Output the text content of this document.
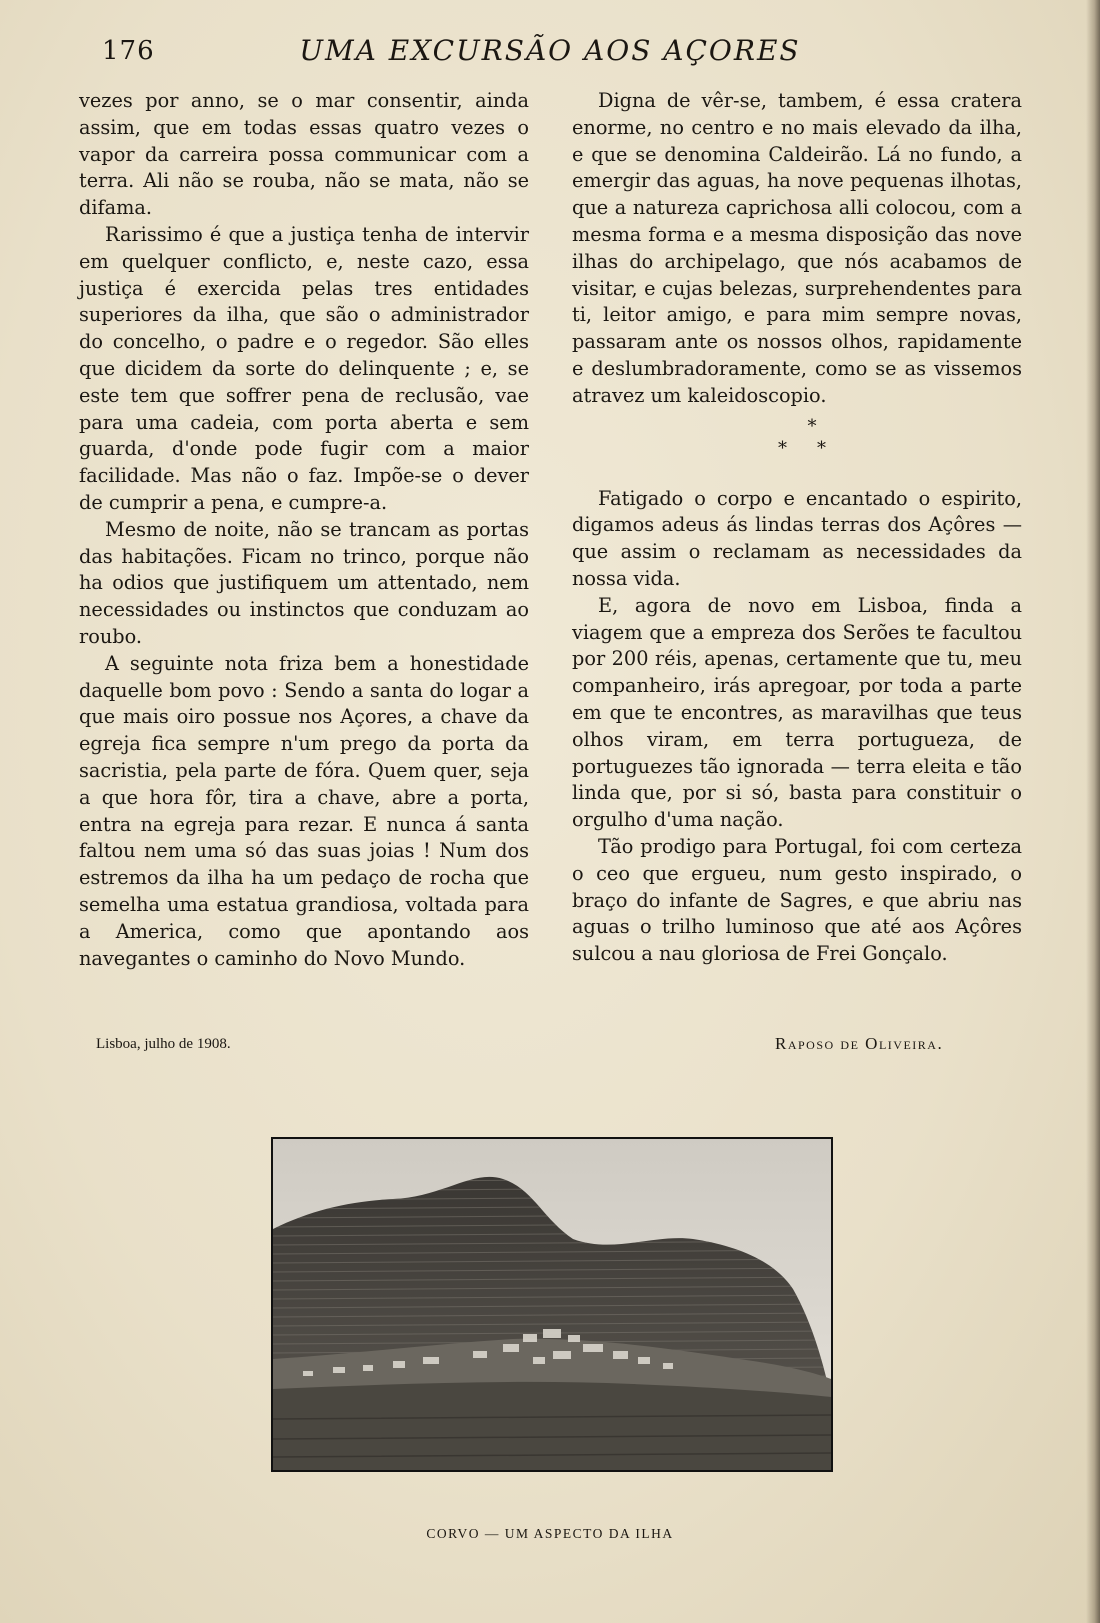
176	UMA EXCURSÃO AOS AÇORES

vezes por anno, se o mar consentir, ainda assim, que em todas essas quatro vezes o vapor da carreira possa communicar com a terra. Ali não se rouba, não se mata, não se difama.

Rarissimo é que a justiça tenha de intervir em quelquer conflicto, e, neste cazo, essa justiça é exercida pelas tres entidades superiores da ilha, que são o administrador do concelho, o padre e o regedor. São elles que dicidem da sorte do delinquente ; e, se este tem que soffrer pena de reclusão, vae para uma cadeia, com porta aberta e sem guarda, d'onde pode fugir com a maior facilidade. Mas não o faz. Impõe-se o dever de cumprir a pena, e cumpre-a.

Mesmo de noite, não se trancam as portas das habitações. Ficam no trinco, porque não ha odios que justifiquem um attentado, nem necessidades ou instinctos que conduzam ao roubo.

A seguinte nota friza bem a honestidade daquelle bom povo : Sendo a santa do logar a que mais oiro possue nos Açores, a chave da egreja fica sempre n'um prego da porta da sacristia, pela parte de fóra. Quem quer, seja a que hora fôr, tira a chave, abre a porta, entra na egreja para rezar. E nunca á santa faltou nem uma só das suas joias ! Num dos estremos da ilha ha um pedaço de rocha que semelha uma estatua grandiosa, voltada para a America, como que apontando aos navegantes o caminho do Novo Mundo.

Digna de vêr-se, tambem, é essa cratera enorme, no centro e no mais elevado da ilha, e que se denomina Caldeirão. Lá no fundo, a emergir das aguas, ha nove pequenas ilhotas, que a natureza caprichosa alli colocou, com a mesma forma e a mesma disposição das nove ilhas do archipelago, que nós acabamos de visitar, e cujas belezas, surprehendentes para ti, leitor amigo, e para mim sempre novas, passaram ante os nossos olhos, rapidamente e deslumbradoramente, como se as vissemos atravez um kaleidoscopio.

*
**

Fatigado o corpo e encantado o espirito, digamos adeus ás lindas terras dos Açôres — que assim o reclamam as necessidades da nossa vida.

E, agora de novo em Lisboa, finda a viagem que a empreza dos Serões te facultou por 200 réis, apenas, certamente que tu, meu companheiro, irás apregoar, por toda a parte em que te encontres, as maravilhas que teus olhos viram, em terra portugueza, de portuguezes tão ignorada — terra eleita e tão linda que, por si só, basta para constituir o orgulho d'uma nação.

Tão prodigo para Portugal, foi com certeza o ceo que ergueu, num gesto inspirado, o braço do infante de Sagres, e que abriu nas aguas o trilho luminoso que até aos Açôres sulcou a nau gloriosa de Frei Gonçalo.

Lisboa, julho de 1908.	Raposo de Oliveira.
CORVO — UM ASPECTO DA ILHA
